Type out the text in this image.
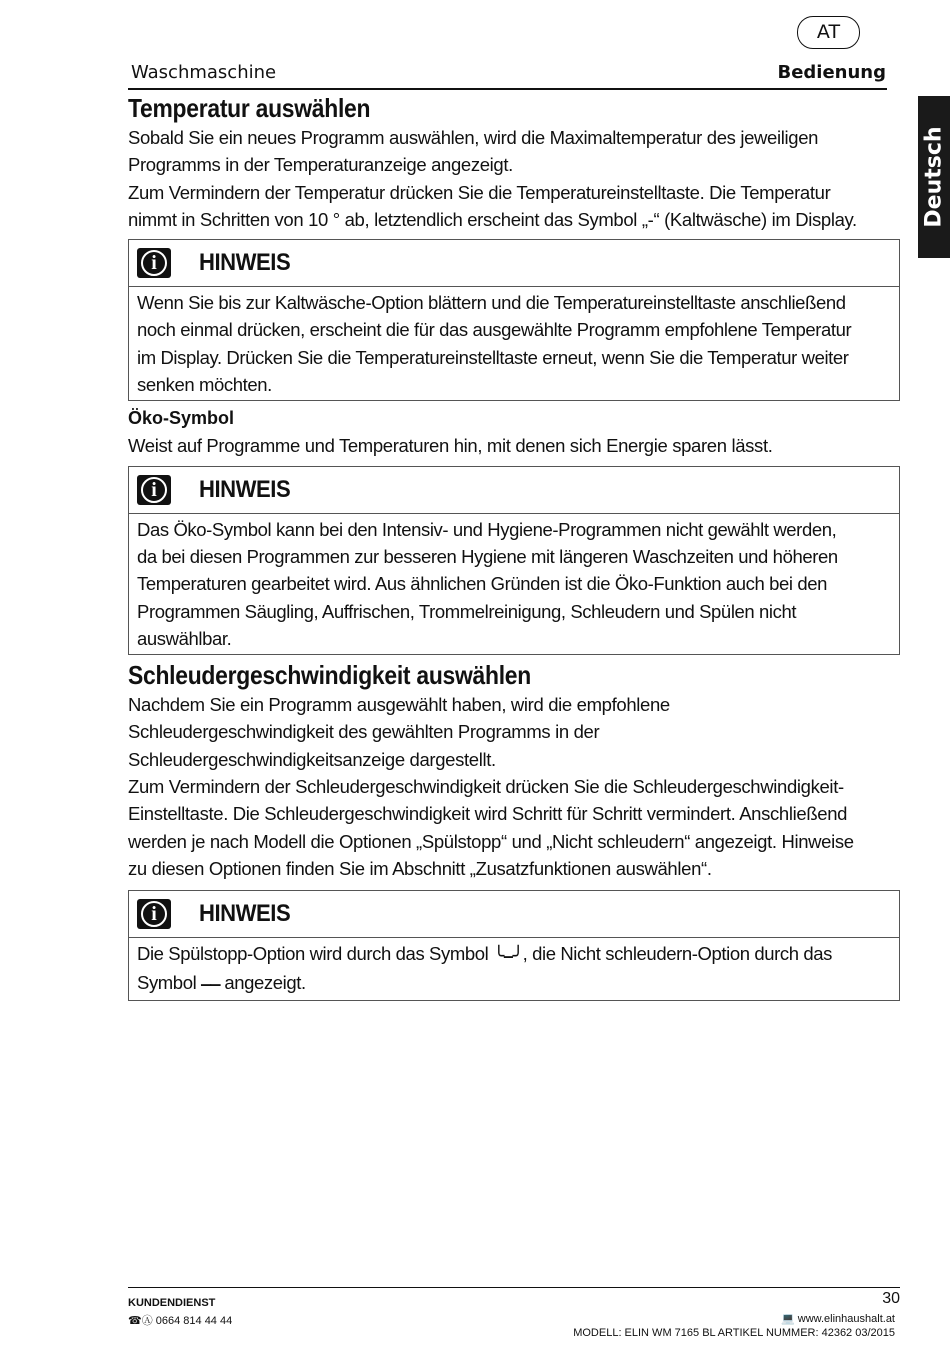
AT
Waschmaschine	Bedienung
Deutsch
Temperatur auswählen

Sobald Sie ein neues Programm auswählen, wird die Maximaltemperatur des jeweiligen

Programms in der Temperaturanzeige angezeigt.

Zum Vermindern der Temperatur drücken Sie die Temperatureinstelltaste. Die Temperatur

nimmt in Schritten von 10 ° ab, letztendlich erscheint das Symbol „-“ (Kaltwäsche) im Display.

i	HINWEIS

Wenn Sie bis zur Kaltwäsche-Option blättern und die Temperatureinstelltaste anschließend

noch einmal drücken, erscheint die für das ausgewählte Programm empfohlene Temperatur

im Display. Drücken Sie die Temperatureinstelltaste erneut, wenn Sie die Temperatur weiter

senken möchten.

Öko-Symbol

Weist auf Programme und Temperaturen hin, mit denen sich Energie sparen lässt.

i	HINWEIS

Das Öko-Symbol kann bei den Intensiv- und Hygiene-Programmen nicht gewählt werden,

da bei diesen Programmen zur besseren Hygiene mit längeren Waschzeiten und höheren

Temperaturen gearbeitet wird. Aus ähnlichen Gründen ist die Öko-Funktion auch bei den

Programmen Säugling, Auffrischen, Trommelreinigung, Schleudern und Spülen nicht

auswählbar.

Schleudergeschwindigkeit auswählen

Nachdem Sie ein Programm ausgewählt haben, wird die empfohlene

Schleudergeschwindigkeit des gewählten Programms in der

Schleudergeschwindigkeitsanzeige dargestellt.

Zum Vermindern der Schleudergeschwindigkeit drücken Sie die Schleudergeschwindigkeit-

Einstelltaste. Die Schleudergeschwindigkeit wird Schritt für Schritt vermindert. Anschließend

werden je nach Modell die Optionen „Spülstopp“ und „Nicht schleudern“ angezeigt. Hinweise

zu diesen Optionen finden Sie im Abschnitt „Zusatzfunktionen auswählen“.

i	HINWEIS

Die Spülstopp-Option wird durch das Symbol ╰–╯, die Nicht schleudern-Option durch das

Symbol ‒‒ angezeigt.

KUNDENDIENST
☎Ⓐ 0664 814 44 44
30
💻 www.elinhaushalt.at
MODELL: ELIN WM 7165 BL ARTIKEL NUMMER: 42362 03/2015
